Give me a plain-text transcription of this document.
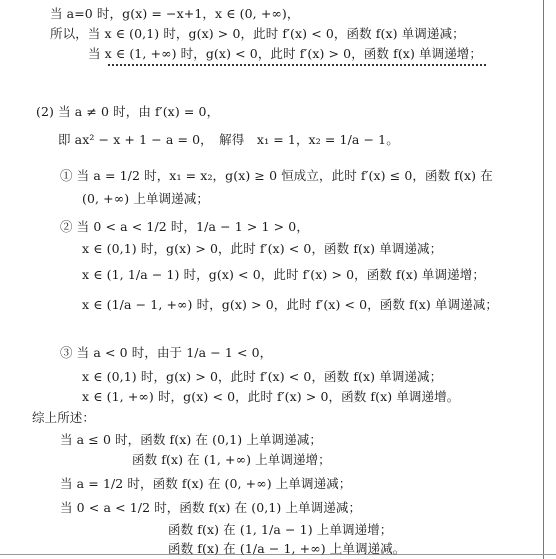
当 a=0 时，g(x) = −x+1，x ∈ (0, +∞)，
所以，当 x ∈ (0,1) 时，g(x) > 0，此时 f′(x) < 0，函数 f(x) 单调递减；
当 x ∈ (1, +∞) 时，g(x) < 0，此时 f′(x) > 0，函数 f(x) 单调递增；
(2) 当 a ≠ 0 时，由 f′(x) = 0，
即 ax² − x + 1 − a = 0，　解得　x₁ = 1，x₂ = 1/a − 1。
① 当 a = 1/2 时，x₁ = x₂，g(x) ≥ 0 恒成立，此时 f′(x) ≤ 0，函数 f(x) 在
(0, +∞) 上单调递减；
② 当 0 < a < 1/2 时，1/a − 1 > 1 > 0，
x ∈ (0,1) 时，g(x) > 0，此时 f′(x) < 0，函数 f(x) 单调递减；
x ∈ (1, 1/a − 1) 时，g(x) < 0，此时 f′(x) > 0，函数 f(x) 单调递增；
x ∈ (1/a − 1, +∞) 时，g(x) > 0，此时 f′(x) < 0，函数 f(x) 单调递减；
③ 当 a < 0 时，由于 1/a − 1 < 0，
x ∈ (0,1) 时，g(x) > 0，此时 f′(x) < 0，函数 f(x) 单调递减；
x ∈ (1, +∞) 时，g(x) < 0，此时 f′(x) > 0，函数 f(x) 单调递增。
综上所述：
当 a ≤ 0 时，函数 f(x) 在 (0,1) 上单调递减；
函数 f(x) 在 (1, +∞) 上单调递增；
当 a = 1/2 时，函数 f(x) 在 (0, +∞) 上单调递减；
当 0 < a < 1/2 时，函数 f(x) 在 (0,1) 上单调递减；
函数 f(x) 在 (1, 1/a − 1) 上单调递增；
函数 f(x) 在 (1/a − 1, +∞) 上单调递减。
